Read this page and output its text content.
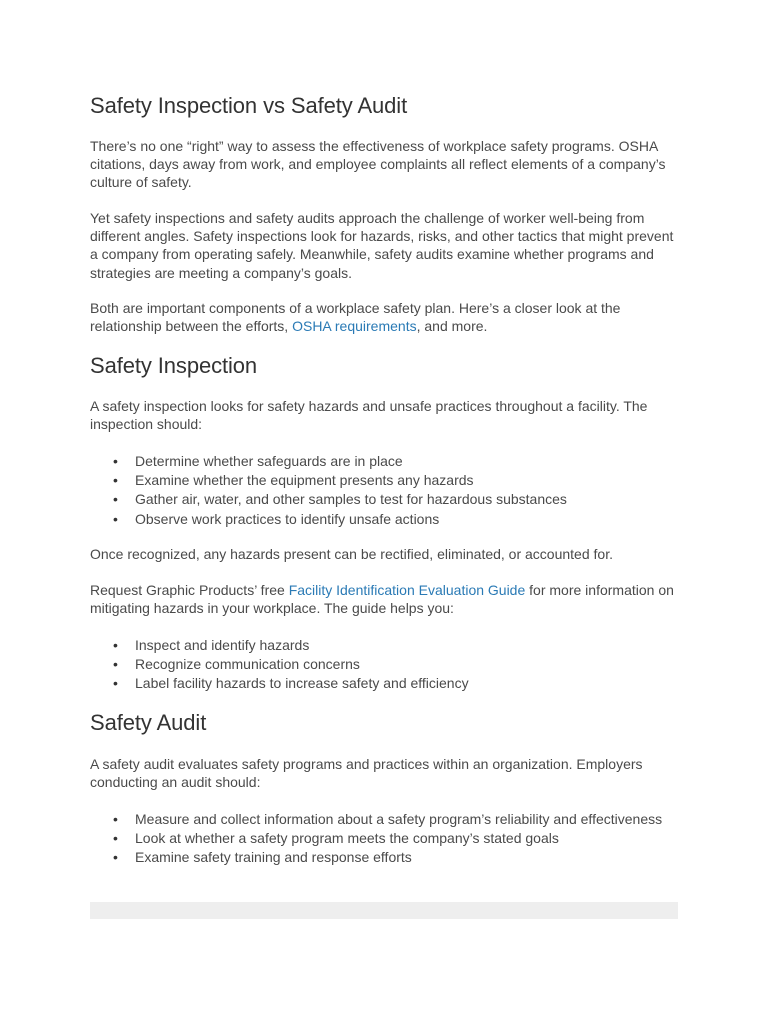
Safety Inspection vs Safety Audit

There’s no one “right” way to assess the effectiveness of workplace safety programs. OSHA citations, days away from work, and employee complaints all reflect elements of a company’s culture of safety.

Yet safety inspections and safety audits approach the challenge of worker well-being from different angles. Safety inspections look for hazards, risks, and other tactics that might prevent a company from operating safely. Meanwhile, safety audits examine whether programs and strategies are meeting a company’s goals.

Both are important components of a workplace safety plan. Here’s a closer look at the relationship between the efforts, OSHA requirements, and more.

Safety Inspection

A safety inspection looks for safety hazards and unsafe practices throughout a facility. The inspection should:

• Determine whether safeguards are in place
• Examine whether the equipment presents any hazards
• Gather air, water, and other samples to test for hazardous substances
• Observe work practices to identify unsafe actions

Once recognized, any hazards present can be rectified, eliminated, or accounted for.

Request Graphic Products’ free Facility Identification Evaluation Guide for more information on mitigating hazards in your workplace. The guide helps you:

• Inspect and identify hazards
• Recognize communication concerns
• Label facility hazards to increase safety and efficiency
Safety Audit

A safety audit evaluates safety programs and practices within an organization. Employers conducting an audit should:

• Measure and collect information about a safety program’s reliability and effectiveness
• Look at whether a safety program meets the company’s stated goals
• Examine safety training and response efforts
